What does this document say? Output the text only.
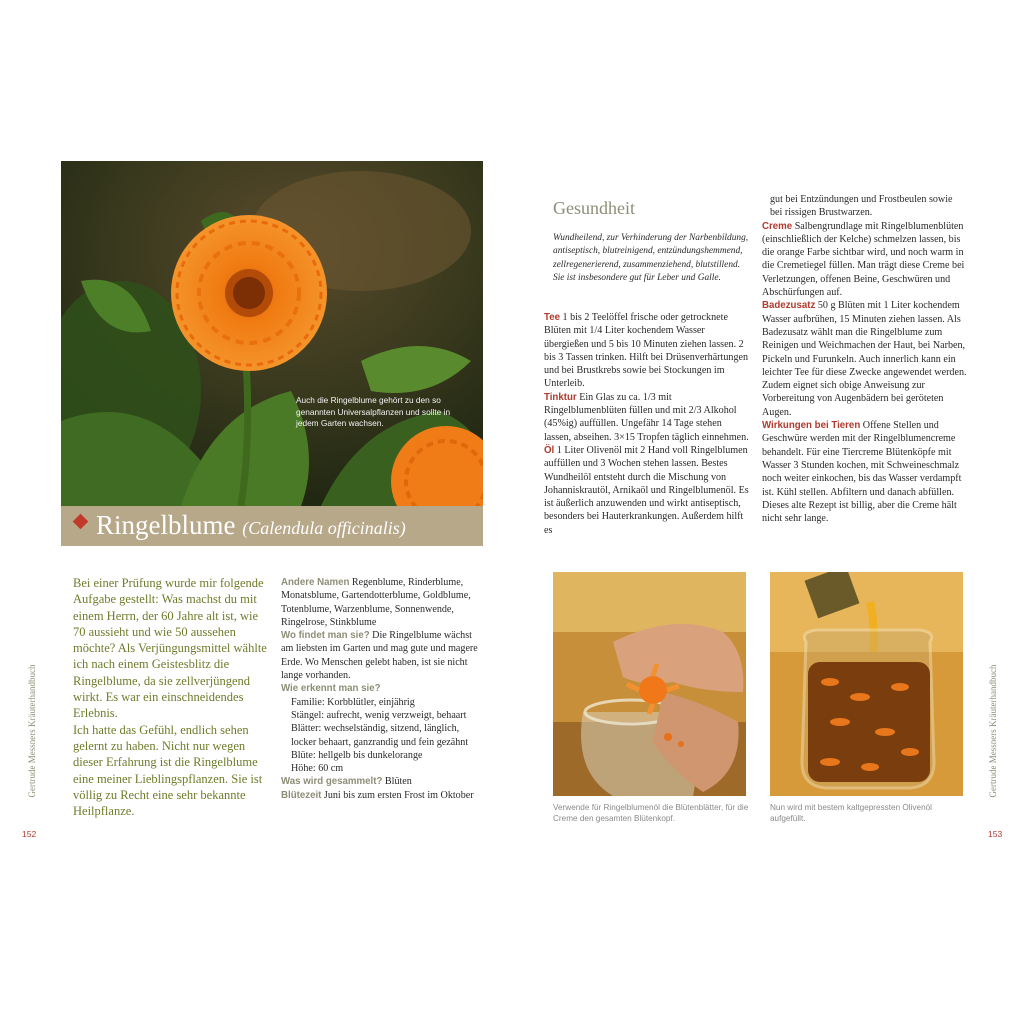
Auch die Ringelblume gehört zu den so genannten Universalpflanzen und sollte in jedem Garten wachsen.
Ringelblume (Calendula officinalis)

Bei einer Prüfung wurde mir folgende Aufgabe gestellt: Was machst du mit einem Herrn, der 60 Jahre alt ist, wie 70 aussieht und wie 50 aussehen möchte? Als Verjüngungsmittel wählte ich nach einem Geistesblitz die Ringelblume, da sie zellverjüngend wirkt. Es war ein einschneidendes Erlebnis.

Ich hatte das Gefühl, endlich sehen gelernt zu haben. Nicht nur wegen dieser Erfahrung ist die Ringelblume eine meiner Lieblingspflanzen. Sie ist völlig zu Recht eine sehr bekannte Heilpflanze.

Andere Namen Regenblume, Rinderblume, Monatsblume, Gartendotterblume, Goldblume, Totenblume, Warzenblume, Sonnenwende, Ringelrose, Stinkblume

Wo findet man sie? Die Ringelblume wächst am liebsten im Garten und mag gute und magere Erde. Wo Menschen gelebt haben, ist sie nicht lange vorhanden.

Wie erkennt man sie?

Familie: Korbblütler, einjährig

Stängel: aufrecht, wenig verzweigt, behaart

Blätter: wechselständig, sitzend, länglich, locker behaart, ganzrandig und fein gezähnt

Blüte: hellgelb bis dunkelorange

Höhe: 60 cm

Was wird gesammelt? Blüten

Blütezeit Juni bis zum ersten Frost im Oktober

Gertrude Messners Kräuterhandbuch
152
Gesundheit
Wundheilend, zur Verhinderung der Narbenbildung, antiseptisch, blutreinigend, entzündungshemmend, zellregenerierend, zusammenziehend, blutstillend. Sie ist insbesondere gut für Leber und Galle.

Tee 1 bis 2 Teelöffel frische oder getrocknete Blüten mit 1/4 Liter kochendem Wasser übergießen und 5 bis 10 Minuten ziehen lassen. 2 bis 3 Tassen trinken. Hilft bei Drüsenverhärtungen und bei Brustkrebs sowie bei Stockungen im Unterleib.

Tinktur Ein Glas zu ca. 1/3 mit Ringelblumenblüten füllen und mit 2/3 Alkohol (45%ig) auffüllen. Ungefähr 14 Tage stehen lassen, abseihen. 3×15 Tropfen täglich einnehmen.

Öl 1 Liter Olivenöl mit 2 Hand voll Ringelblumen auffüllen und 3 Wochen stehen lassen. Bestes Wundheilöl entsteht durch die Mischung von Johanniskrautöl, Arnikaöl und Ringelblumenöl. Es ist äußerlich anzuwenden und wirkt antiseptisch, besonders bei Hauterkrankungen. Außerdem hilft es

gut bei Entzündungen und Frostbeulen sowie bei rissigen Brustwarzen.

Creme Salbengrundlage mit Ringelblumenblüten (einschließlich der Kelche) schmelzen lassen, bis die orange Farbe sichtbar wird, und noch warm in die Cremetiegel füllen. Man trägt diese Creme bei Verletzungen, offenen Beine, Geschwüren und Abschürfungen auf.

Badezusatz 50 g Blüten mit 1 Liter kochendem Wasser aufbrühen, 15 Minuten ziehen lassen. Als Badezusatz wählt man die Ringelblume zum Reinigen und Weichmachen der Haut, bei Narben, Pickeln und Furunkeln. Auch innerlich kann ein leichter Tee für diese Zwecke angewendet werden. Zudem eignet sich obige Anweisung zur Vorbereitung von Augenbädern bei geröteten Augen.

Wirkungen bei Tieren Offene Stellen und Geschwüre werden mit der Ringelblumencreme behandelt. Für eine Tiercreme Blütenköpfe mit Wasser 3 Stunden kochen, mit Schweineschmalz noch weiter einkochen, bis das Wasser verdampft ist. Kühl stellen. Abfiltern und danach abfüllen. Dieses alte Rezept ist billig, aber die Creme hält nicht sehr lange.

Verwende für Ringelblumenöl die Blütenblätter, für die Creme den gesamten Blütenkopf.
Nun wird mit bestem kaltgepressten Olivenöl aufgefüllt.
Gertrude Messners Kräuterhandbuch
153
